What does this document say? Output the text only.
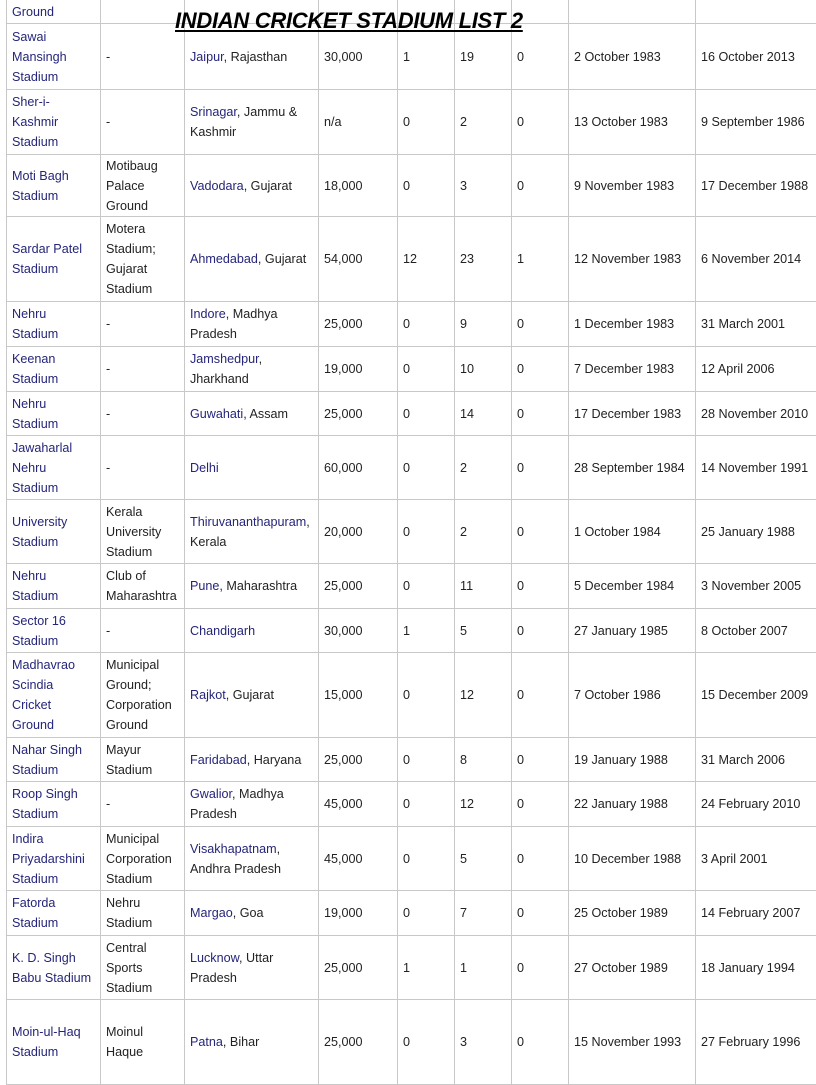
Ground								
Sawai Mansingh Stadium	-	Jaipur, Rajasthan	30,000	1	19	0	2 October 1983	16 October 2013
Sher-i-Kashmir Stadium	-	Srinagar, Jammu & Kashmir	n/a	0	2	0	13 October 1983	9 September 1986
Moti Bagh Stadium	Motibaug Palace Ground	Vadodara, Gujarat	18,000	0	3	0	9 November 1983	17 December 1988
Sardar Patel Stadium	Motera Stadium; Gujarat Stadium	Ahmedabad, Gujarat	54,000	12	23	1	12 November 1983	6 November 2014
Nehru Stadium	-	Indore, Madhya Pradesh	25,000	0	9	0	1 December 1983	31 March 2001
Keenan Stadium	-	Jamshedpur, Jharkhand	19,000	0	10	0	7 December 1983	12 April 2006
Nehru Stadium	-	Guwahati, Assam	25,000	0	14	0	17 December 1983	28 November 2010
Jawaharlal Nehru Stadium	-	Delhi	60,000	0	2	0	28 September 1984	14 November 1991
University Stadium	Kerala University Stadium	Thiruvananthapuram, Kerala	20,000	0	2	0	1 October 1984	25 January 1988
Nehru Stadium	Club of Maharashtra	Pune, Maharashtra	25,000	0	11	0	5 December 1984	3 November 2005
Sector 16 Stadium	-	Chandigarh	30,000	1	5	0	27 January 1985	8 October 2007
Madhavrao Scindia Cricket Ground	Municipal Ground; Corporation Ground	Rajkot, Gujarat	15,000	0	12	0	7 October 1986	15 December 2009
Nahar Singh Stadium	Mayur Stadium	Faridabad, Haryana	25,000	0	8	0	19 January 1988	31 March 2006
Roop Singh Stadium	-	Gwalior, Madhya Pradesh	45,000	0	12	0	22 January 1988	24 February 2010
Indira Priyadarshini Stadium	Municipal Corporation Stadium	Visakhapatnam, Andhra Pradesh	45,000	0	5	0	10 December 1988	3 April 2001
Fatorda Stadium	Nehru Stadium	Margao, Goa	19,000	0	7	0	25 October 1989	14 February 2007
K. D. Singh Babu Stadium	Central Sports Stadium	Lucknow, Uttar Pradesh	25,000	1	1	0	27 October 1989	18 January 1994
Moin-ul-Haq Stadium	Moinul Haque	Patna, Bihar	25,000	0	3	0	15 November 1993	27 February 1996
INDIAN CRICKET STADIUM LIST 2
